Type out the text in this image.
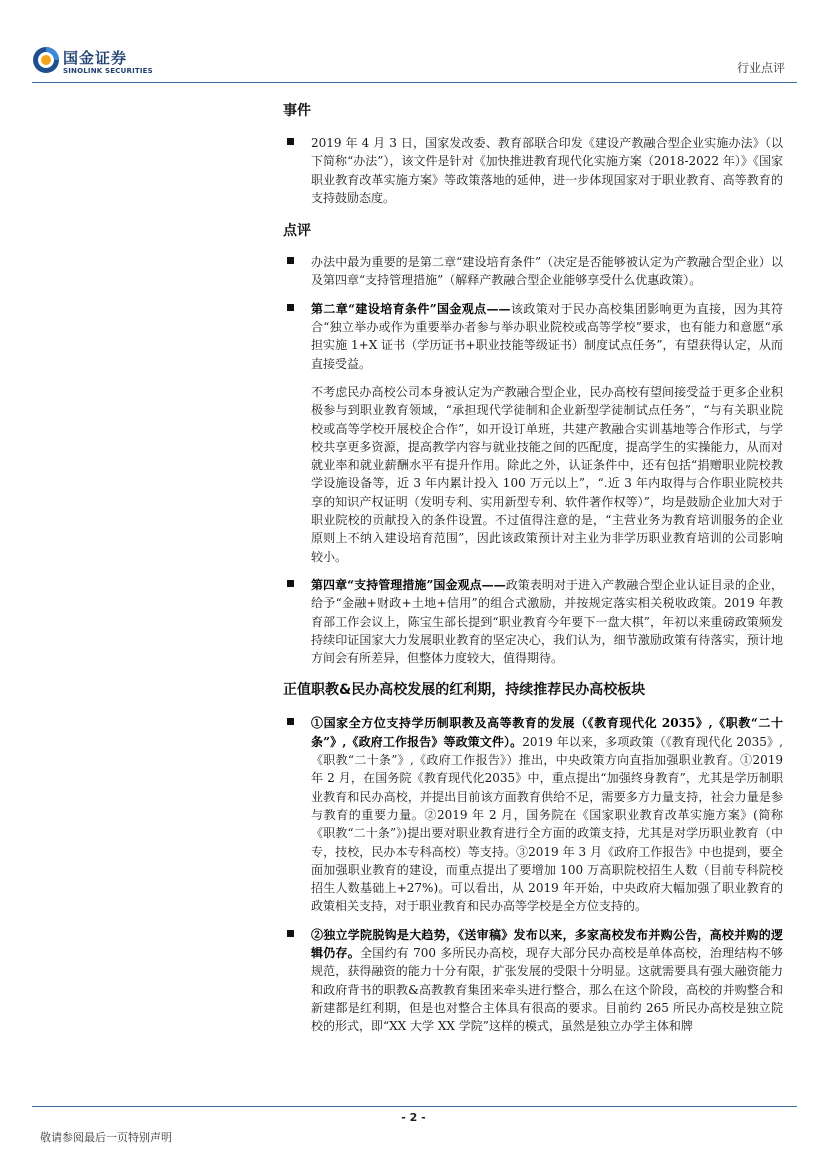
国金证券
SINOLINK SECURITIES	行业点评
事件
2019 年 4 月 3 日，国家发改委、教育部联合印发《建设产教融合型企业实施办法》（以下简称“办法”），该文件是针对《加快推进教育现代化实施方案（2018-2022 年）》《国家职业教育改革实施方案》等政策落地的延伸，进一步体现国家对于职业教育、高等教育的支持鼓励态度。
点评
办法中最为重要的是第二章“建设培育条件”（决定是否能够被认定为产教融合型企业）以及第四章“支持管理措施”（解释产教融合型企业能够享受什么优惠政策）。
第二章“建设培育条件”国金观点——该政策对于民办高校集团影响更为直接，因为其符合“独立举办或作为重要举办者参与举办职业院校或高等学校”要求，也有能力和意愿“承担实施 1+X 证书（学历证书+职业技能等级证书）制度试点任务”，有望获得认定，从而直接受益。
不考虑民办高校公司本身被认定为产教融合型企业，民办高校有望间接受益于更多企业积极参与到职业教育领域，“承担现代学徒制和企业新型学徒制试点任务”，“与有关职业院校或高等学校开展校企合作”，如开设订单班，共建产教融合实训基地等合作形式，与学校共享更多资源，提高教学内容与就业技能之间的匹配度，提高学生的实操能力，从而对就业率和就业薪酬水平有提升作用。除此之外，认证条件中，还有包括“捐赠职业院校教学设施设备等，近 3 年内累计投入 100 万元以上”，“.近 3 年内取得与合作职业院校共享的知识产权证明（发明专利、实用新型专利、软件著作权等）”，均是鼓励企业加大对于职业院校的贡献投入的条件设置。不过值得注意的是，“主营业务为教育培训服务的企业原则上不纳入建设培育范围”，因此该政策预计对主业为非学历职业教育培训的公司影响较小。
第四章“支持管理措施”国金观点——政策表明对于进入产教融合型企业认证目录的企业，给予“金融+财政+土地+信用”的组合式激励，并按规定落实相关税收政策。2019 年教育部工作会议上，陈宝生部长提到“职业教育今年要下一盘大棋”，年初以来重磅政策频发持续印证国家大力发展职业教育的坚定决心，我们认为，细节激励政策有待落实，预计地方间会有所差异，但整体力度较大，值得期待。
正值职教&民办高校发展的红利期，持续推荐民办高校板块
①国家全方位支持学历制职教及高等教育的发展（《教育现代化 2035》,《职教“二十条”》,《政府工作报告》等政策文件）。2019 年以来，多项政策（《教育现代化 2035》,《职教“二十条”》,《政府工作报告》）推出，中央政策方向直指加强职业教育。①2019 年 2 月，在国务院《教育现代化2035》中，重点提出“加强终身教育”，尤其是学历制职业教育和民办高校，并提出目前该方面教育供给不足，需要多方力量支持，社会力量是参与教育的重要力量。②2019 年 2 月，国务院在《国家职业教育改革实施方案》(简称《职教“二十条”》)提出要对职业教育进行全方面的政策支持，尤其是对学历职业教育（中专，技校，民办本专科高校）等支持。③2019 年 3 月《政府工作报告》中也提到，要全面加强职业教育的建设，而重点提出了要增加 100 万高职院校招生人数（目前专科院校招生人数基础上+27%)。可以看出，从 2019 年开始，中央政府大幅加强了职业教育的政策相关支持，对于职业教育和民办高等学校是全方位支持的。
②独立学院脱钩是大趋势，《送审稿》发布以来，多家高校发布并购公告，高校并购的逻辑仍存。全国约有 700 多所民办高校，现存大部分民办高校是单体高校，治理结构不够规范，获得融资的能力十分有限，扩张发展的受限十分明显。这就需要具有强大融资能力和政府背书的职教&高教教育集团来牵头进行整合，那么在这个阶段，高校的并购整合和新建都是红利期，但是也对整合主体具有很高的要求。目前约 265 所民办高校是独立院校的形式，即“XX 大学 XX 学院”这样的模式，虽然是独立办学主体和牌
- 2 -
敬请参阅最后一页特别声明
